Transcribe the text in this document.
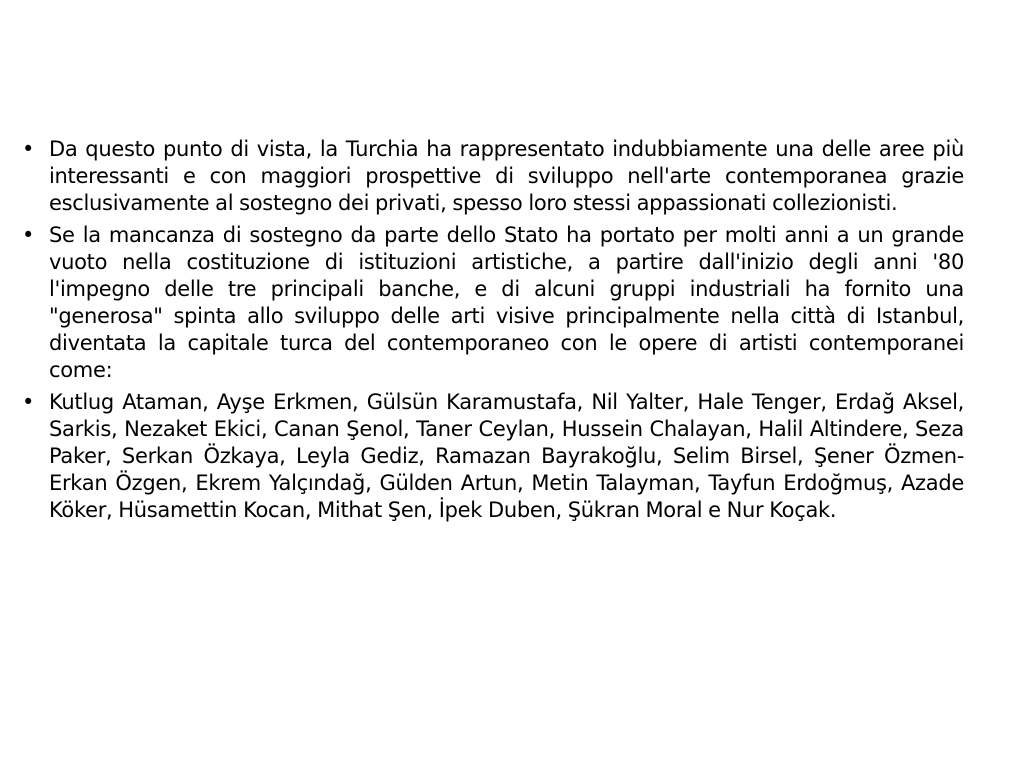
• Da questo punto di vista, la Turchia ha rappresentato indubbiamente una delle aree più interessanti e con maggiori prospettive di sviluppo nell'arte contemporanea grazie esclusivamente al sostegno dei privati, spesso loro stessi appassionati collezionisti.
• Se la mancanza di sostegno da parte dello Stato ha portato per molti anni a un grande vuoto nella costituzione di istituzioni artistiche, a partire dall'inizio degli anni '80 l'impegno delle tre principali banche, e di alcuni gruppi industriali ha fornito una "generosa" spinta allo sviluppo delle arti visive principalmente nella città di Istanbul, diventata la capitale turca del contemporaneo con le opere di artisti contemporanei come:
• Kutlug Ataman, Ayşe Erkmen, Gülsün Karamustafa, Nil Yalter, Hale Tenger, Erdağ Aksel, Sarkis, Nezaket Ekici, Canan Şenol, Taner Ceylan, Hussein Chalayan, Halil Altindere, Seza Paker, Serkan Özkaya, Leyla Gediz, Ramazan Bayrakoğlu, Selim Birsel, Şener Özmen-Erkan Özgen, Ekrem Yalçındağ, Gülden Artun, Metin Talayman, Tayfun Erdoğmuş, Azade Köker, Hüsamettin Kocan, Mithat Şen, İpek Duben, Şükran Moral e Nur Koçak.
